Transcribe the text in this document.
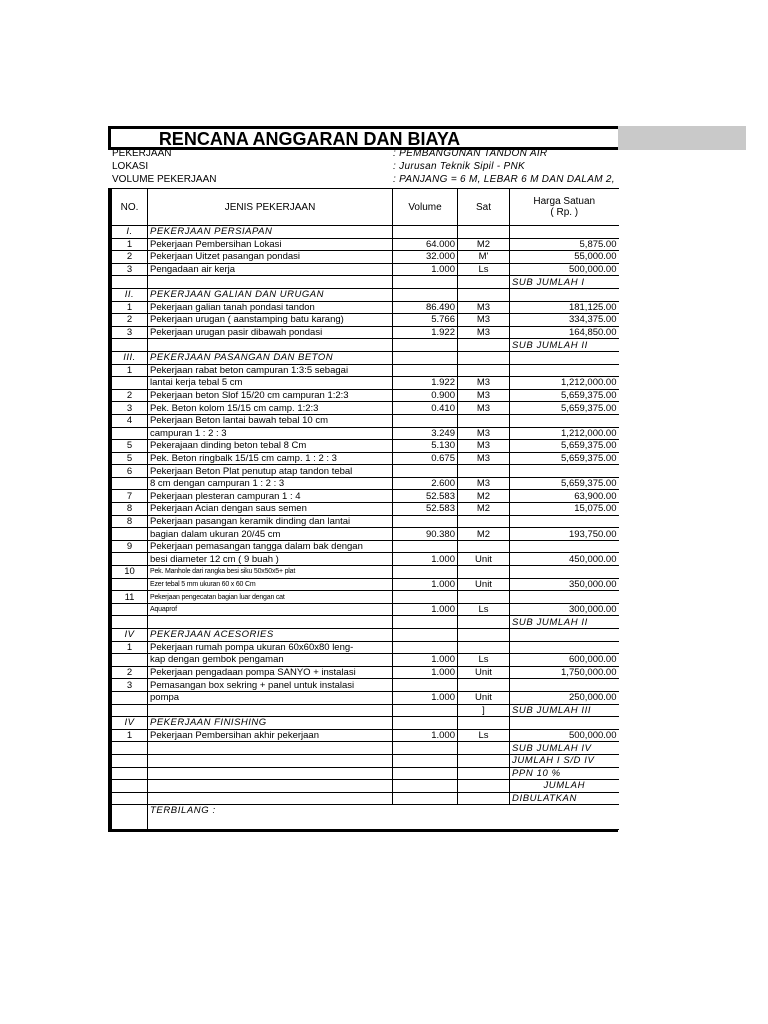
RENCANA ANGGARAN DAN BIAYA
PEKERJAAN	: PEMBANGUNAN TANDON AIR
LOKASI	: Jurusan Teknik Sipil - PNK
VOLUME PEKERJAAN	: PANJANG = 6 M, LEBAR 6 M DAN DALAM 2,
NO.	JENIS PEKERJAAN	Volume	Sat	Harga Satuan
( Rp. )

I.	PEKERJAAN PERSIAPAN			
1	Pekerjaan Pembersihan Lokasi	64.000	M2	5,875.00
2	Pekerjaan Uitzet pasangan pondasi	32.000	M'	55,000.00
3	Pengadaan air kerja	1.000	Ls	500,000.00
				SUB JUMLAH I
II.	PEKERJAAN GALIAN DAN URUGAN			
1	Pekerjaan galian tanah pondasi tandon	86.490	M3	181,125.00
2	Pekerjaan urugan ( aanstamping batu karang)	5.766	M3	334,375.00
3	Pekerjaan urugan pasir dibawah pondasi	1.922	M3	164,850.00
				SUB JUMLAH II
III.	PEKERJAAN PASANGAN DAN BETON			
1	Pekerjaan rabat beton campuran 1:3:5 sebagai			
	lantai kerja tebal 5 cm	1.922	M3	1,212,000.00
2	Pekerjaan beton Slof 15/20 cm campuran 1:2:3	0.900	M3	5,659,375.00
3	Pek. Beton kolom 15/15 cm camp. 1:2:3	0.410	M3	5,659,375.00
4	Pekerjaan Beton lantai bawah tebal 10 cm			
	campuran 1 : 2 : 3	3.249	M3	1,212,000.00
5	Pekerajaan dinding beton tebal 8 Cm	5.130	M3	5,659,375.00
5	Pek. Beton ringbalk 15/15 cm camp. 1 : 2 : 3	0.675	M3	5,659,375.00
6	Pekerjaan Beton Plat penutup atap tandon tebal			
	8 cm dengan campuran 1 : 2 : 3	2.600	M3	5,659,375.00
7	Pekerjaan plesteran campuran 1 : 4	52.583	M2	63,900.00
8	Pekerjaan Acian dengan saus semen	52.583	M2	15,075.00
8	Pekerjaan pasangan keramik dinding dan lantai			
	bagian dalam ukuran 20/45 cm	90.380	M2	193,750.00
9	Pekerjaan pemasangan tangga dalam bak dengan			
	besi diameter 12 cm ( 9 buah )	1.000	Unit	450,000.00
10	Pek. Manhole dari rangka besi siku 50x50x5+ plat			
	Ezer tebal 5 mm ukuran 60 x 60 Cm	1.000	Unit	350,000.00
11	Pekerjaan pengecatan bagian luar dengan cat			
	Aquaprof	1.000	Ls	300,000.00
				SUB JUMLAH II
IV	PEKERJAAN ACESORIES			
1	Pekerjaan rumah pompa ukuran 60x60x80 leng-			
	kap dengan gembok pengaman	1.000	Ls	600,000.00
2	Pekerjaan pengadaan pompa SANYO + instalasi	1.000	Unit	1,750,000.00
3	Pemasangan box sekring + panel untuk instalasi			
	pompa	1.000	Unit	250,000.00
			]	SUB JUMLAH III
IV	PEKERJAAN FINISHING			
1	Pekerjaan Pembersihan akhir pekerjaan	1.000	Ls	500,000.00
				SUB JUMLAH IV
				JUMLAH I S/D IV
				PPN 10 %
				JUMLAH
				DIBULATKAN
	TERBILANG :			
